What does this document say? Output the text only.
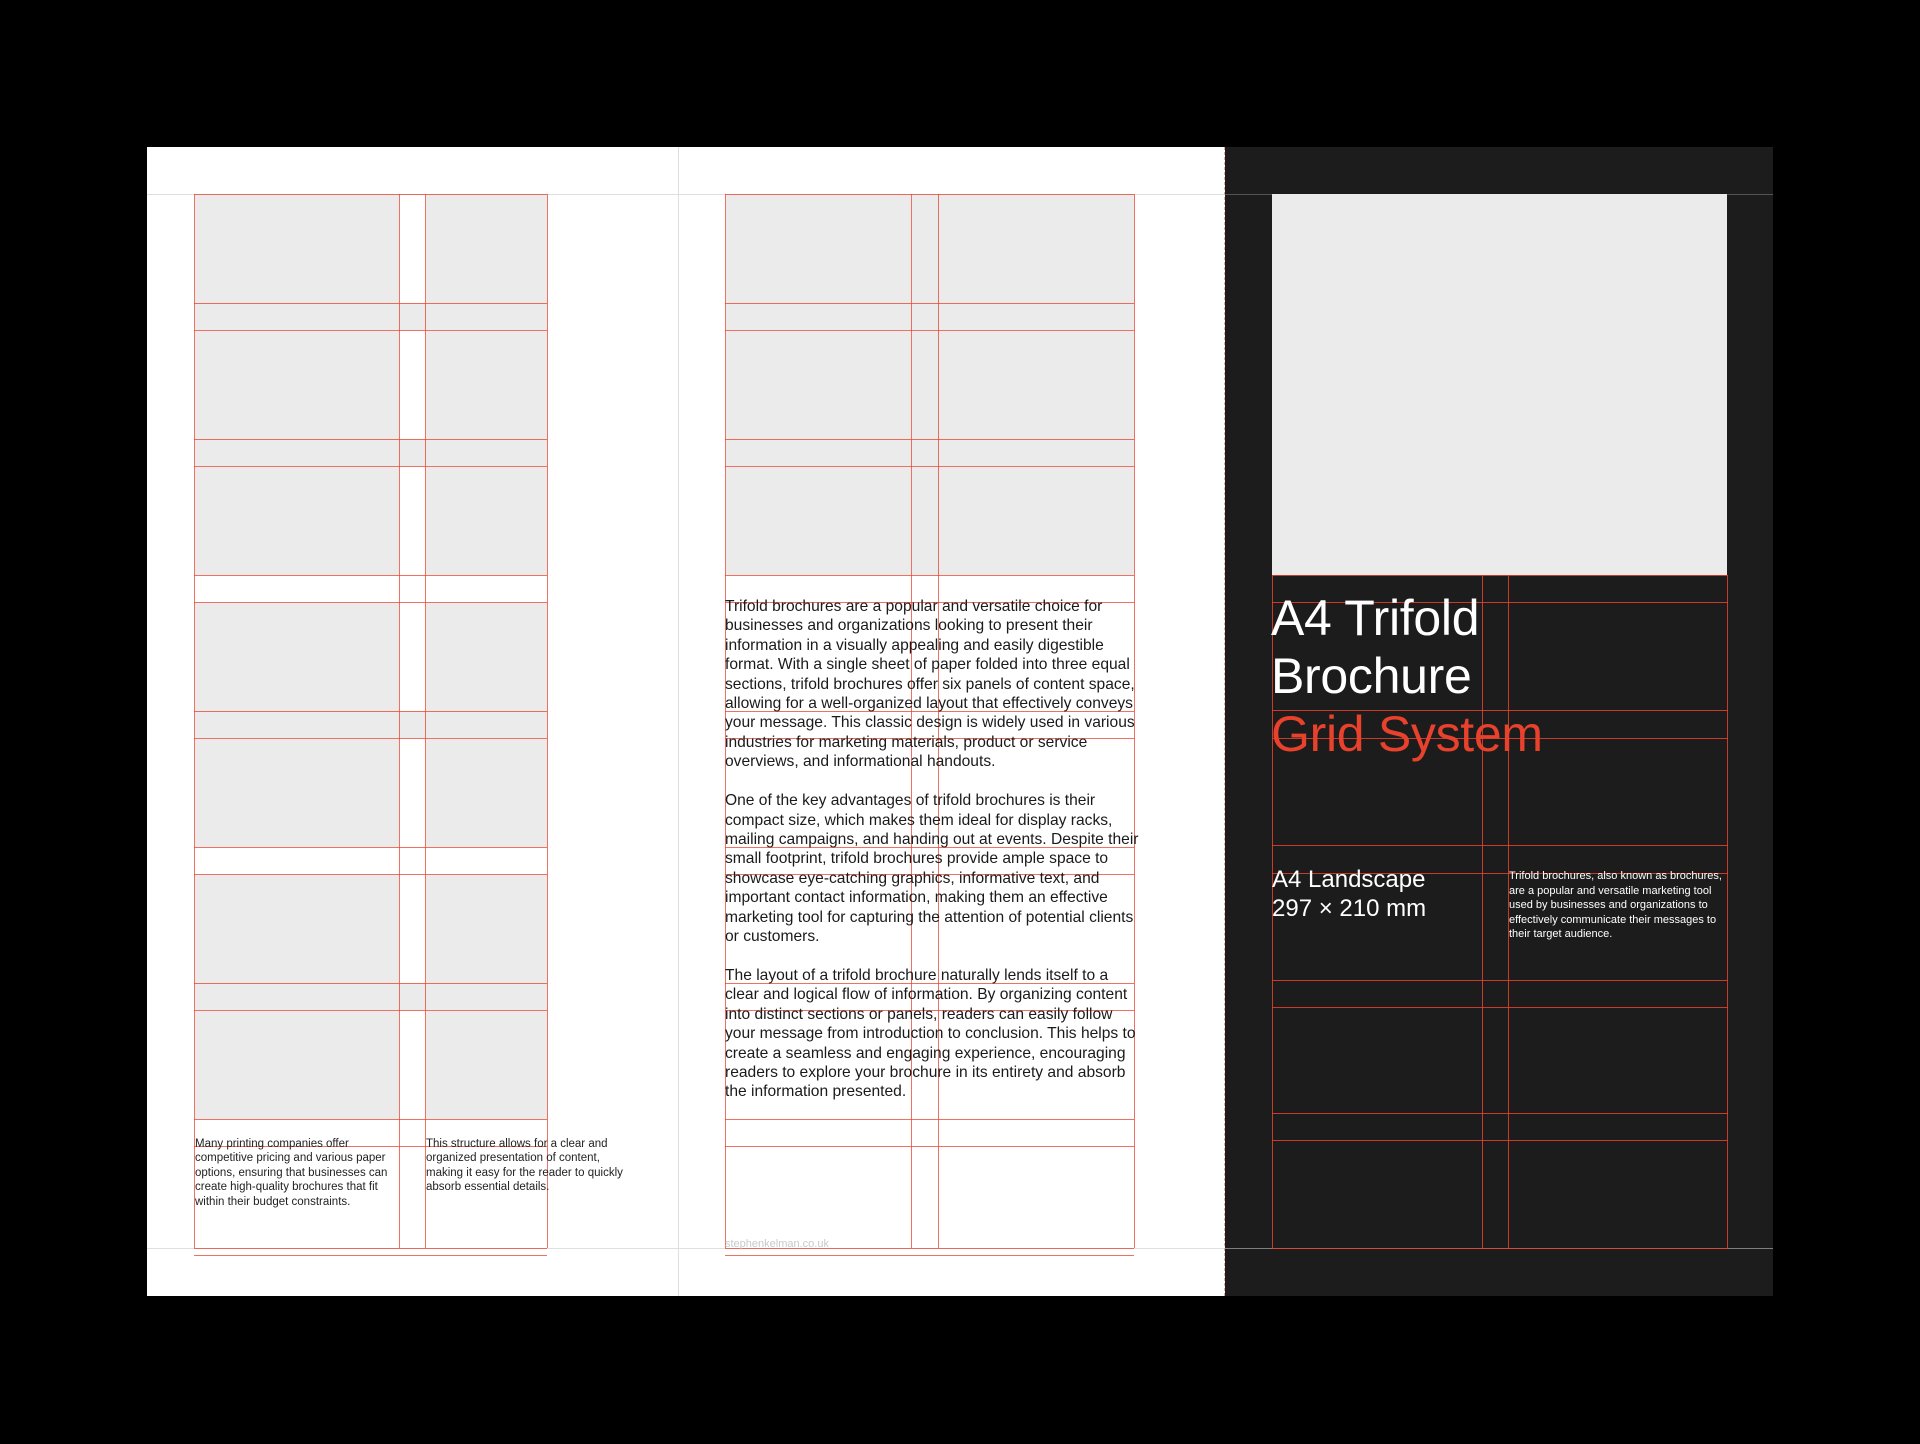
Many printing companies offer competitive pricing and various paper options, ensuring that businesses can create high-quality brochures that fit within their budget constraints.
This structure allows for a clear and organized presentation of content, making it easy for the reader to quickly absorb essential details.

Trifold brochures are a popular and versatile choice for businesses and organizations looking to present their information in a visually appealing and easily digestible format. With a single sheet of paper folded into three equal sections, trifold brochures offer six panels of content space, allowing for a well-organized layout that effectively conveys your message. This classic design is widely used in various industries for marketing materials, product or service overviews, and informational handouts.

One of the key advantages of trifold brochures is their compact size, which makes them ideal for display racks, mailing campaigns, and handing out at events. Despite their small footprint, trifold brochures provide ample space to showcase eye-catching graphics, informative text, and important contact information, making them an effective marketing tool for capturing the attention of potential clients or customers.

The layout of a trifold brochure naturally lends itself to a clear and logical flow of information. By organizing content into distinct sections or panels, readers can easily follow your message from introduction to conclusion. This helps to create a seamless and engaging experience, encouraging readers to explore your brochure in its entirety and absorb the information presented.

stephenkelman.co.uk
A4 Trifold
Brochure
Grid System
A4 Landscape
297 × 210 mm
Trifold brochures, also known as brochures, are a popular and versatile marketing tool used by businesses and organizations to effectively communicate their messages to their target audience.
